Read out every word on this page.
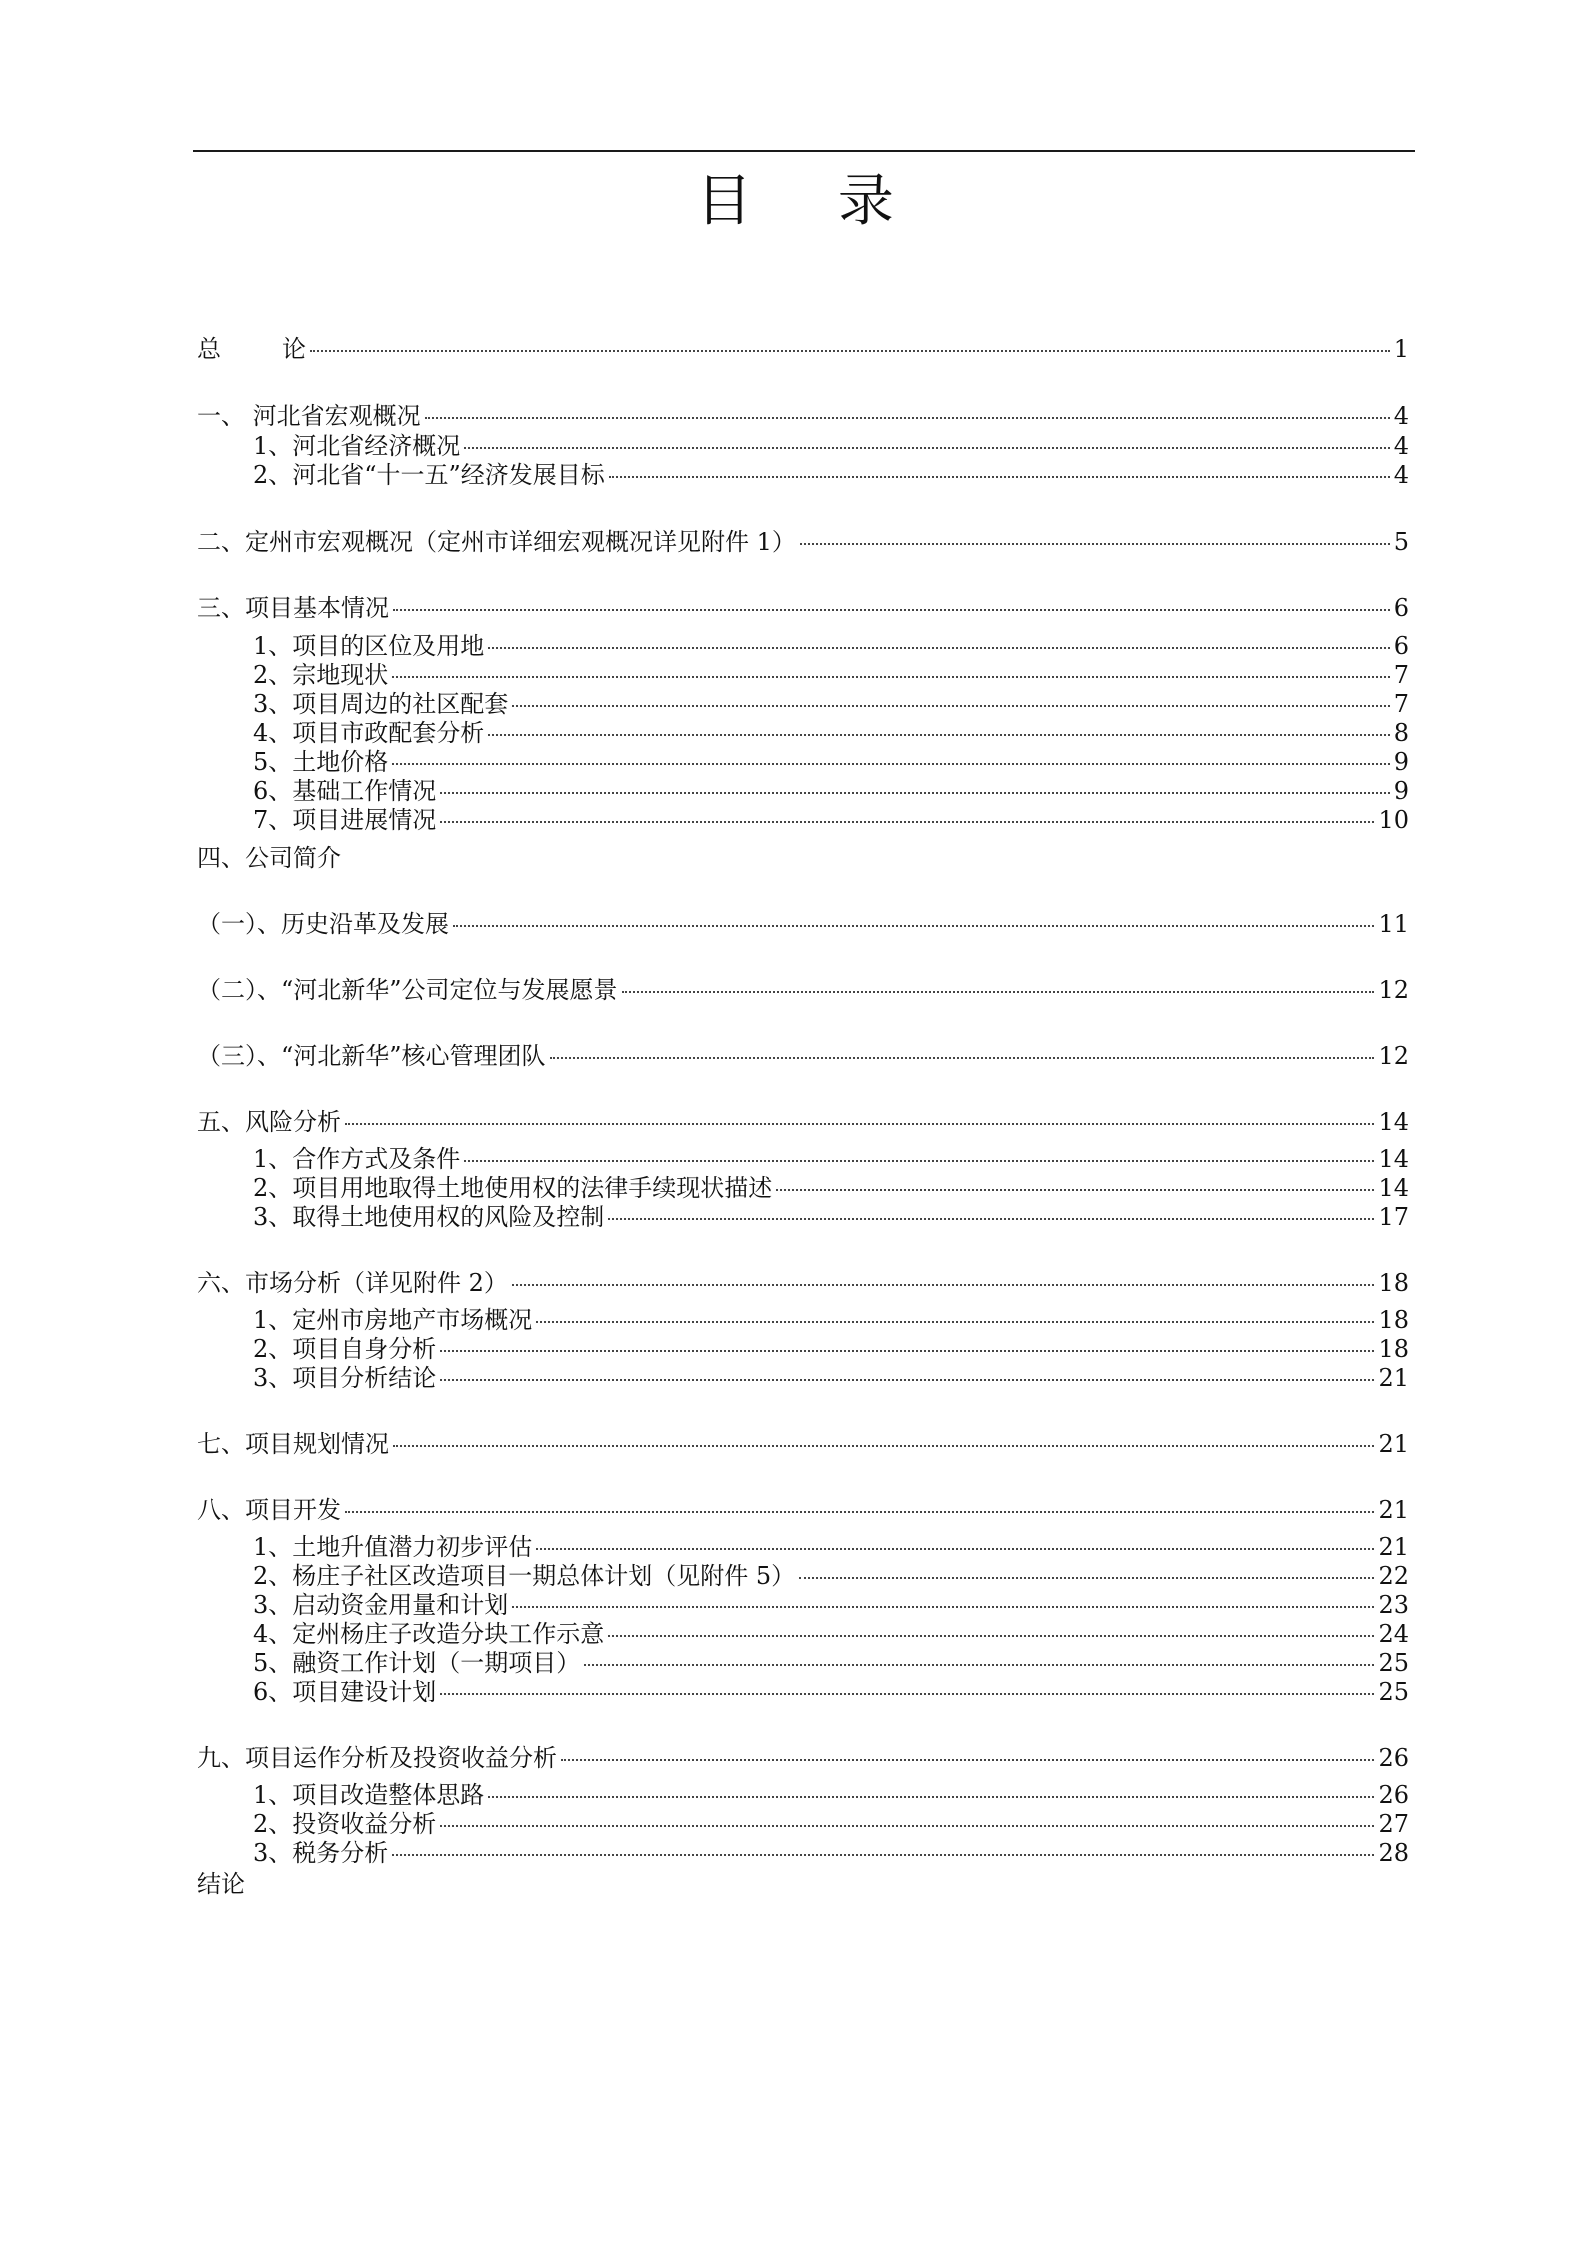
目 录
总        论	1
一、 河北省宏观概况	4
1、河北省经济概况	4
2、河北省“十一五”经济发展目标	4
二、定州市宏观概况（定州市详细宏观概况详见附件 1）	5
三、项目基本情况	6
1、项目的区位及用地	6
2、宗地现状	7
3、项目周边的社区配套	7
4、项目市政配套分析	8
5、土地价格	9
6、基础工作情况	9
7、项目进展情况	10
四、公司简介
（一）、历史沿革及发展	11
（二）、“河北新华”公司定位与发展愿景	12
（三）、“河北新华”核心管理团队	12
五、风险分析	14
1、合作方式及条件	14
2、项目用地取得土地使用权的法律手续现状描述	14
3、取得土地使用权的风险及控制	17
六、市场分析（详见附件 2）	18
1、定州市房地产市场概况	18
2、项目自身分析	18
3、项目分析结论	21
七、项目规划情况	21
八、项目开发	21
1、土地升值潜力初步评估	21
2、杨庄子社区改造项目一期总体计划（见附件 5）	22
3、启动资金用量和计划	23
4、定州杨庄子改造分块工作示意	24
5、融资工作计划（一期项目）	25
6、项目建设计划	25
九、项目运作分析及投资收益分析	26
1、项目改造整体思路	26
2、投资收益分析	27
3、税务分析	28
结论
